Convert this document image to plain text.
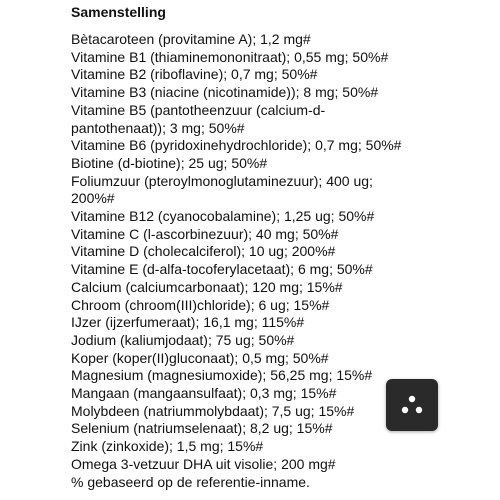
Samenstelling
Bètacaroteen (provitamine A); 1,2 mg#
Vitamine B1 (thiaminemononitraat); 0,55 mg; 50%#
Vitamine B2 (riboflavine); 0,7 mg; 50%#
Vitamine B3 (niacine (nicotinamide)); 8 mg; 50%#
Vitamine B5 (pantotheenzuur (calcium-d-
pantothenaat)); 3 mg; 50%#
Vitamine B6 (pyridoxinehydrochloride); 0,7 mg; 50%#
Biotine (d-biotine); 25 ug; 50%#
Foliumzuur (pteroylmonoglutaminezuur); 400 ug;
200%#
Vitamine B12 (cyanocobalamine); 1,25 ug; 50%#
Vitamine C (l-ascorbinezuur); 40 mg; 50%#
Vitamine D (cholecalciferol); 10 ug; 200%#
Vitamine E (d-alfa-tocoferylacetaat); 6 mg; 50%#
Calcium (calciumcarbonaat); 120 mg; 15%#
Chroom (chroom(III)chloride); 6 ug; 15%#
IJzer (ijzerfumeraat); 16,1 mg; 115%#
Jodium (kaliumjodaat); 75 ug; 50%#
Koper (koper(II)gluconaat); 0,5 mg; 50%#
Magnesium (magnesiumoxide); 56,25 mg; 15%#
Mangaan (mangaansulfaat); 0,3 mg; 15%#
Molybdeen (natriummolybdaat); 7,5 ug; 15%#
Selenium (natriumselenaat); 8,2 ug; 15%#
Zink (zinkoxide); 1,5 mg; 15%#
Omega 3-vetzuur DHA uit visolie; 200 mg#
% gebaseerd op de referentie-inname.
